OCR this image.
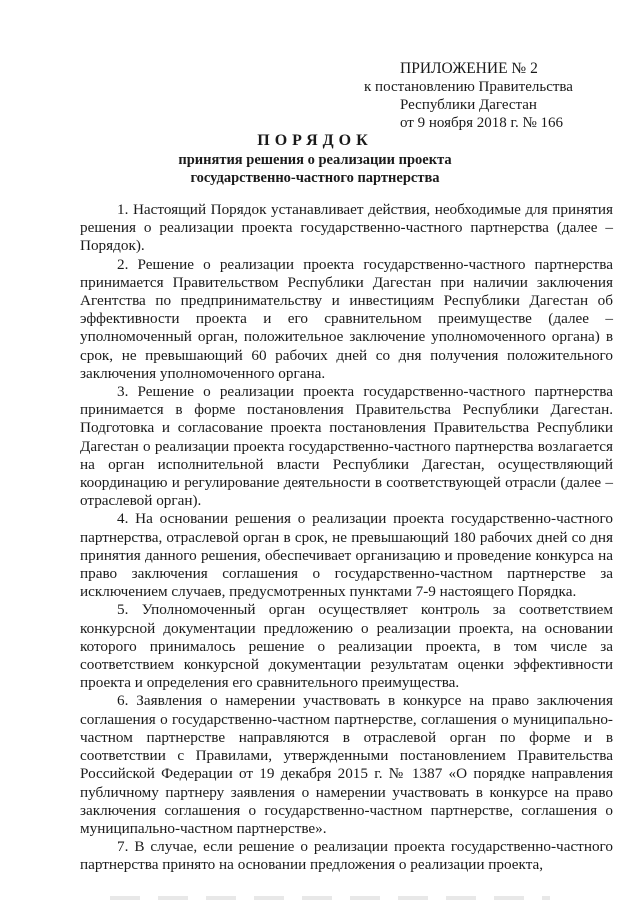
ПРИЛОЖЕНИЕ № 2
к постановлению Правительства
Республики Дагестан
от 9 ноября 2018 г. № 166
ПОРЯДОК
принятия решения о реализации проекта
государственно-частного партнерства

1. Настоящий Порядок устанавливает действия, необходимые для принятия решения о реализации проекта государственно-частного партнерства (далее – Порядок).

2. Решение о реализации проекта государственно-частного партнерства принимается Правительством Республики Дагестан при наличии заключения Агентства по предпринимательству и инвестициям Республики Дагестан об эффективности проекта и его сравнительном преимуществе (далее – уполномоченный орган, положительное заключение уполномоченного органа) в срок, не превышающий 60 рабочих дней со дня получения положительного заключения уполномоченного органа.

3. Решение о реализации проекта государственно-частного партнерства принимается в форме постановления Правительства Республики Дагестан. Подготовка и согласование проекта постановления Правительства Республики Дагестан о реализации проекта государственно-частного партнерства возлагается на орган исполнительной власти Республики Дагестан, осуществляющий координацию и регулирование деятельности в соответствующей отрасли (далее – отраслевой орган).

4. На основании решения о реализации проекта государственно-частного партнерства, отраслевой орган в срок, не превышающий 180 рабочих дней со дня принятия данного решения, обеспечивает организацию и проведение конкурса на право заключения соглашения о государственно-частном партнерстве за исключением случаев, предусмотренных пунктами 7-9 настоящего Порядка.

5. Уполномоченный орган осуществляет контроль за соответствием конкурсной документации предложению о реализации проекта, на основании которого принималось решение о реализации проекта, в том числе за соответствием конкурсной документации результатам оценки эффективности проекта и определения его сравнительного преимущества.

6. Заявления о намерении участвовать в конкурсе на право заключения соглашения о государственно-частном партнерстве, соглашения о муниципально-частном партнерстве направляются в отраслевой орган по форме и в соответствии с Правилами, утвержденными постановлением Правительства Российской Федерации от 19 декабря 2015 г. № 1387 «О порядке направления публичному партнеру заявления о намерении участвовать в конкурсе на право заключения соглашения о государственно-частном партнерстве, соглашения о муниципально-частном партнерстве».

7. В случае, если решение о реализации проекта государственно-частного партнерства принято на основании предложения о реализации проекта,
